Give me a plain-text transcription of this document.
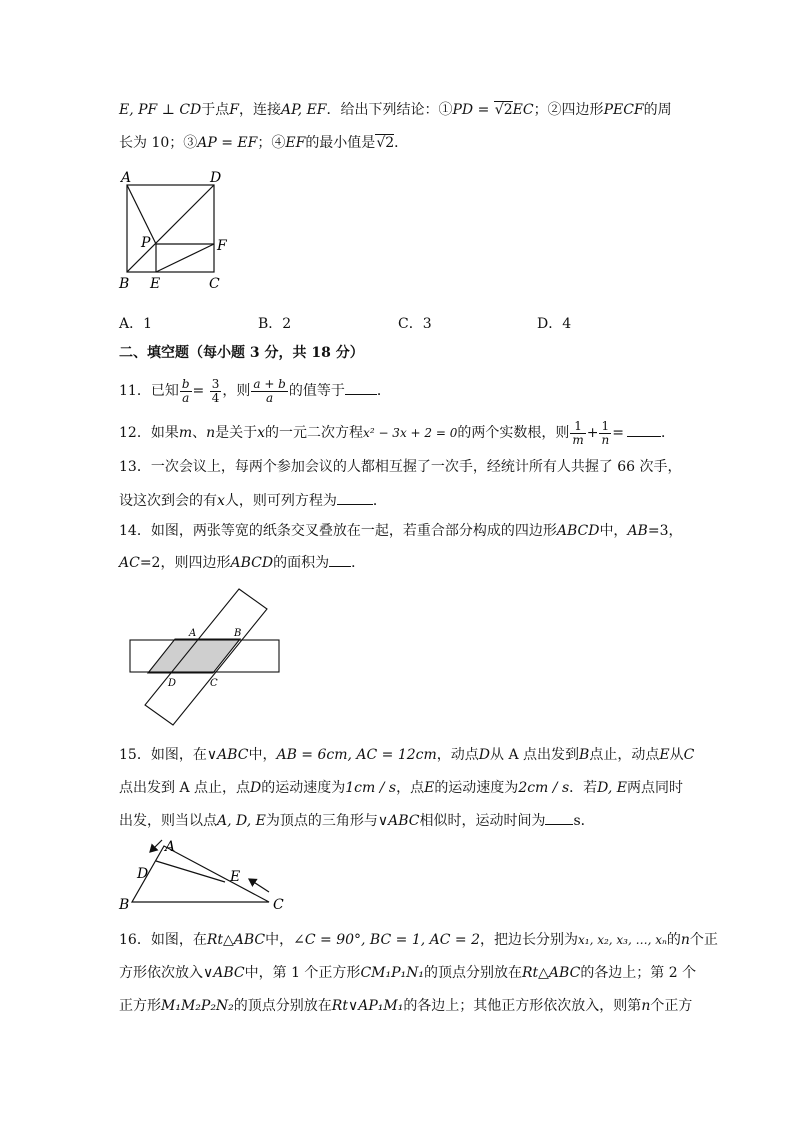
E, PF ⊥ CD于点F，连接AP, EF．给出下列结论：①PD = √2EC；②四边形PECF的周
长为 10；③AP = EF；④EF的最小值是√2．
A	D
P	F
B E	C
A．1	B．2	C．3	D．4
二、填空题（每小题 3 分，共 18 分）
11．已知 $\frac{b}{a} = \frac{3}{4}$ ，则 $\frac{a + b}{a}$ 的值等于 ．
12．如果m、n是关于x的一元二次方程x² − 3x + 2 = 0的两个实数根，则 $\frac{1}{m} + \frac{1}{n}$ =	．
13．一次会议上，每两个参加会议的人都相互握了一次手，经统计所有人共握了 66 次手，
设这次到会的有x人，则可列方程为	．
14．如图，两张等宽的纸条交叉叠放在一起，若重合部分构成的四边形ABCD中，AB=3，
AC=2，则四边形ABCD的面积为 ．
A	B
C
D
15．如图，在∨ABC中，AB = 6cm, AC = 12cm，动点D从 A 点出发到B点止，动点E从C
点出发到 A 点止，点D的运动速度为1cm / s，点E的运动速度为2cm / s．若D, E两点同时
出发，则当以点A, D, E为顶点的三角形与∨ABC相似时，运动时间为 s．
A
D	E
B	C
16．如图，在Rt△ABC中，∠C = 90°, BC = 1, AC = 2，把边长分别为x₁, x₂, x₃, …, xₙ的n个正
方形依次放入∨ABC中，第 1 个正方形CM₁P₁N₁的顶点分别放在Rt△ABC的各边上；第 2 个
正方形M₁M₂P₂N₂的顶点分别放在Rt∨AP₁M₁的各边上；其他正方形依次放入，则第n个正方
